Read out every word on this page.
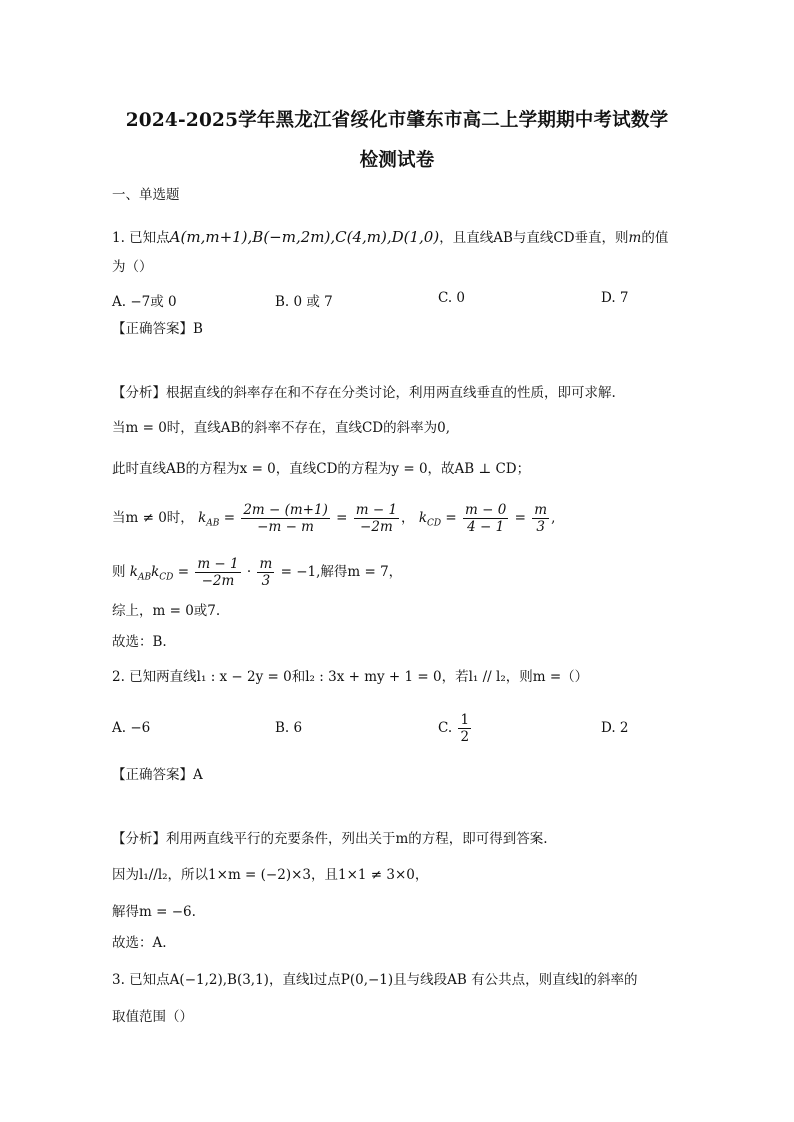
2024-2025学年黑龙江省绥化市肇东市高二上学期期中考试数学
检测试卷
一、单选题
1. 已知点A(m,m+1),B(−m,2m),C(4,m),D(1,0)，且直线AB与直线CD垂直，则m的值
为（）
A. −7或 0	B. 0 或 7	C. 0	D. 7
【正确答案】B
【分析】根据直线的斜率存在和不存在分类讨论，利用两直线垂直的性质，即可求解.
当m = 0时，直线AB的斜率不存在，直线CD的斜率为0,
此时直线AB的方程为x = 0，直线CD的方程为y = 0，故AB ⊥ CD；
当m ≠ 0时， $k_{AB} = \frac{2m - (m+1)}{-m - m} = \frac{m - 1}{-2m}$ ， $k_{CD} = \frac{m - 0}{4 - 1} = \frac{m}{3}$ ,
则 $k_{AB}k_{CD} = \frac{m - 1}{-2m} \cdot \frac{m}{3} = -1$,解得m = 7，
综上，m = 0或7.
故选：B.
2. 已知两直线l₁ : x − 2y = 0和l₂ : 3x + my + 1 = 0，若l₁ // l₂，则m =（）
A. −6	B. 6	C. $\frac{1}{2}$	D. 2
【正确答案】A
【分析】利用两直线平行的充要条件，列出关于m的方程，即可得到答案.
因为l₁//l₂，所以1×m = (−2)×3，且1×1 ≠ 3×0，
解得m = −6.
故选：A.
3. 已知点A(−1,2),B(3,1)，直线l过点P(0,−1)且与线段AB 有公共点，则直线l的斜率的
取值范围（）
